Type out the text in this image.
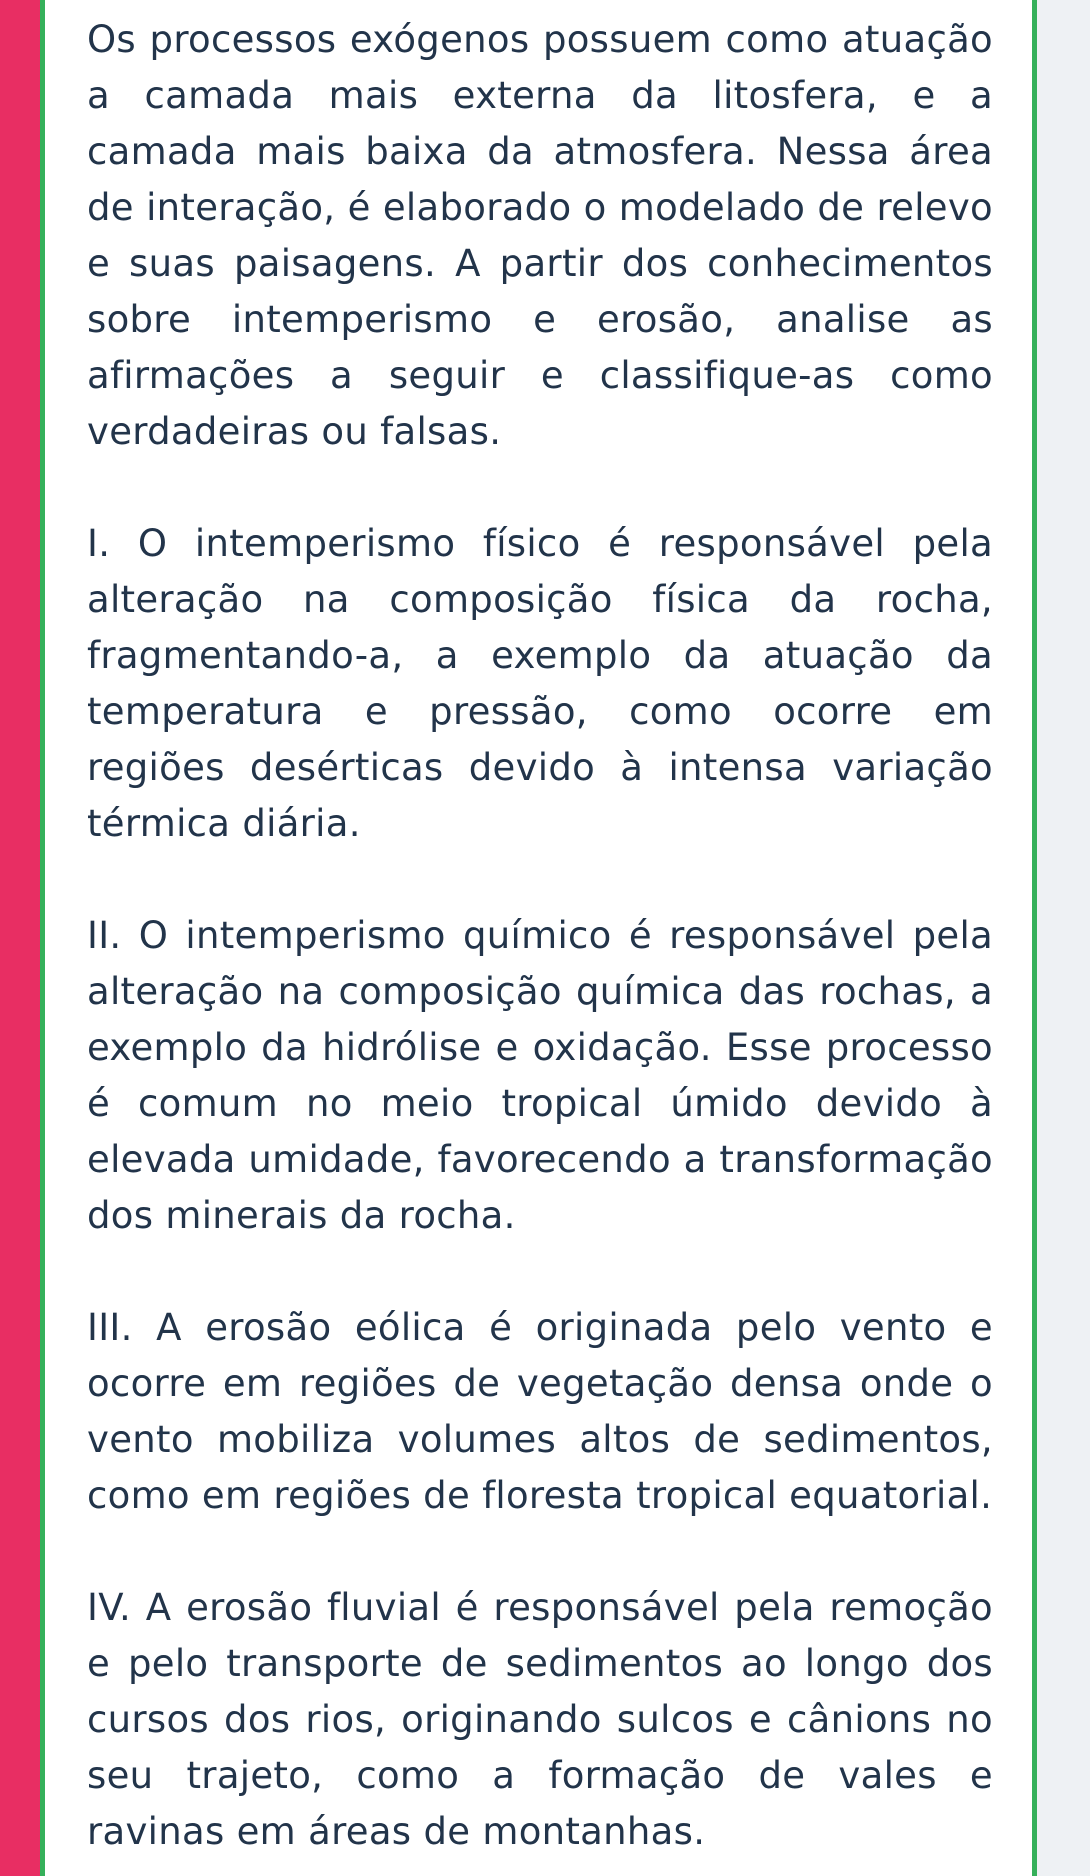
Os processos exógenos possuem como atuação a camada mais externa da litosfera, e a camada mais baixa da atmosfera. Nessa área de interação, é elaborado o modelado de relevo e suas paisagens. A partir dos conhecimentos sobre intemperismo e erosão, analise as afirmações a seguir e classifique-as como verdadeiras ou falsas.

I. O intemperismo físico é responsável pela alteração na composição física da rocha, fragmentando-a, a exemplo da atuação da temperatura e pressão, como ocorre em regiões desérticas devido à intensa variação térmica diária.

II. O intemperismo químico é responsável pela alteração na composição química das rochas, a exemplo da hidrólise e oxidação. Esse processo é comum no meio tropical úmido devido à elevada umidade, favorecendo a transformação dos minerais da rocha.

III. A erosão eólica é originada pelo vento e ocorre em regiões de vegetação densa onde o vento mobiliza volumes altos de sedimentos, como em regiões de floresta tropical equatorial.

IV. A erosão fluvial é responsável pela remoção e pelo transporte de sedimentos ao longo dos cursos dos rios, originando sulcos e cânions no seu trajeto, como a formação de vales e ravinas em áreas de montanhas.
